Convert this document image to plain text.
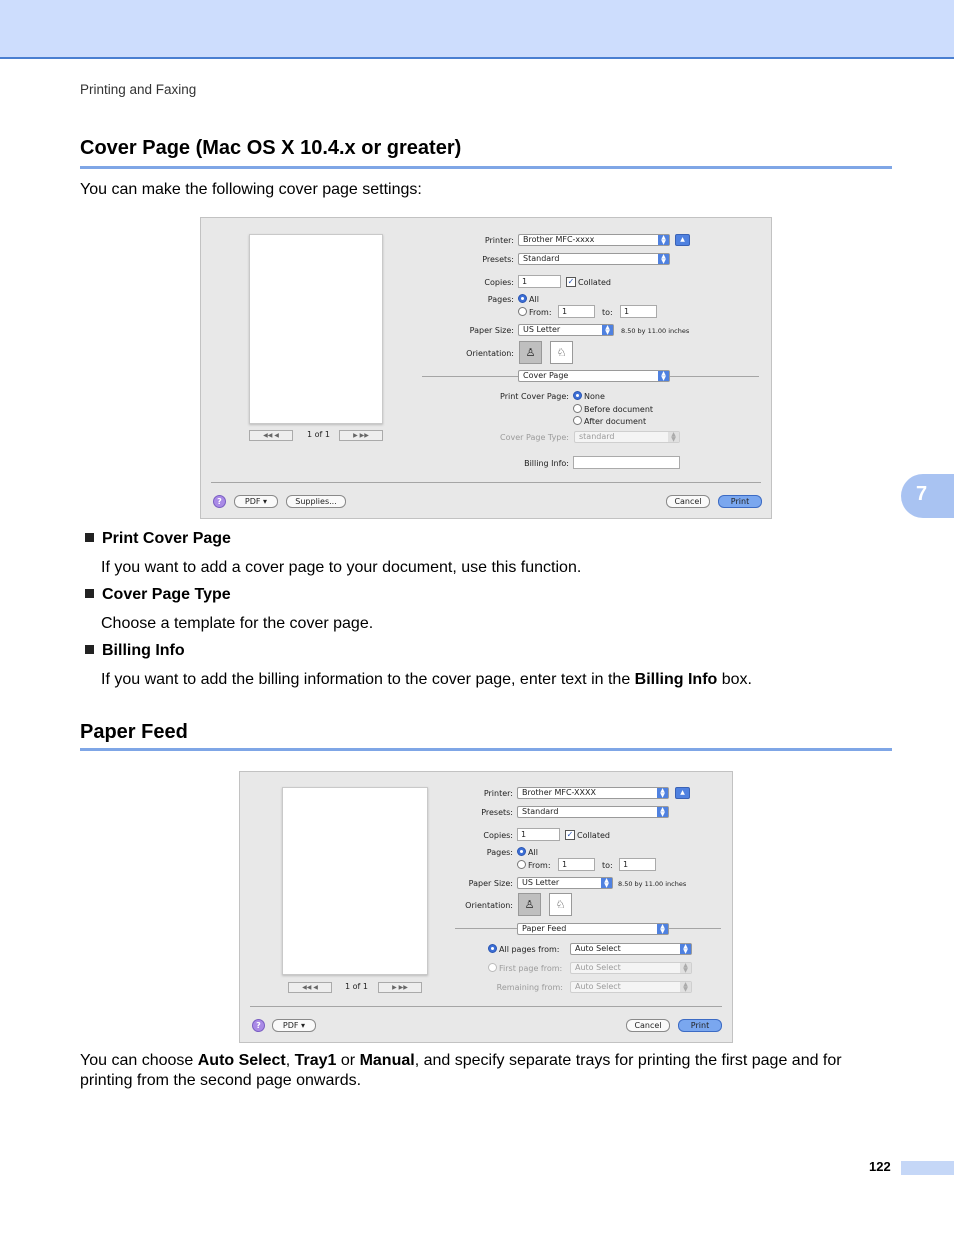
Printing and Faxing
Cover Page (Mac OS X 10.4.x or greater)
You can make the following cover page settings:
◀◀ ◀	1 of 1	▶ ▶▶
Printer:	Brother MFC-xxxx	▲
▼	▲
Presets:	Standard	▲
▼
Copies:	1	✓ Collated
Pages: All
From:	1	to:	1
Paper Size:	US Letter	▲
▼	8.50 by 11.00 inches
Orientation:	♙	♘
Cover Page	▲
▼
Print Cover Page: None
Before document
After document
Cover Page Type:	standard	▲
▼
Billing Info:
?	PDF ▾	Supplies...	Cancel	Print	7
Print Cover Page
If you want to add a cover page to your document, use this function.
Cover Page Type
Choose a template for the cover page.
Billing Info
If you want to add the billing information to the cover page, enter text in the Billing Info box.
Paper Feed
◀◀ ◀	1 of 1	▶ ▶▶
Printer:	Brother MFC-XXXX	▲
▼	▲
Presets:	Standard	▲
▼
Copies:	1	✓ Collated
Pages: All
From:	1	to:	1
Paper Size:	US Letter	▲
▼	8.50 by 11.00 inches
Orientation:	♙	♘
Paper Feed	▲
▼
All pages from:	Auto Select	▲
▼
First page from:	Auto Select	▲
▼
Remaining from:	Auto Select	▲
▼
?	PDF ▾	Cancel	Print
You can choose Auto Select, Tray1 or Manual, and specify separate trays for printing the first page and for printing from the second page onwards.
122
